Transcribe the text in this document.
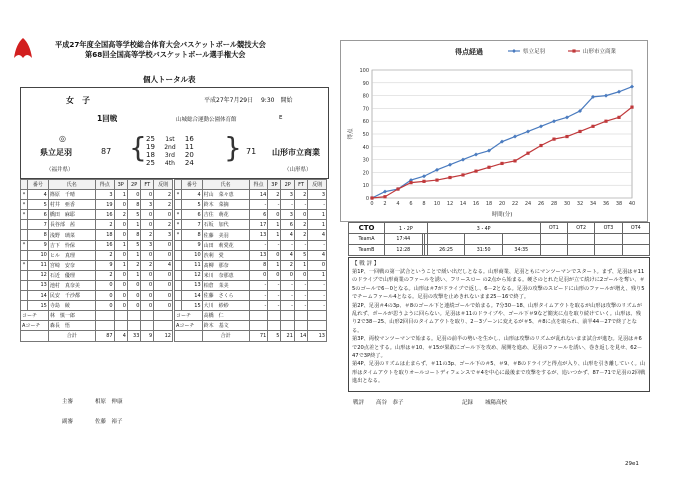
平成27年度全国高等学校総合体育大会バスケットボール競技大会
第68回全国高等学校バスケットボール選手権大会
個人トータル表
女　子	平成27年7月29日　 9:30　開始
1回戦	山城総合運動公園体育館	E
◎
県立足羽
（福井県）
87 { 25	1st	16
19	2nd	11
18	3rd	20
25	4th	24 } 71 山形市立商業
（山形県）
	番号	氏名	得点	3P	2P	FT	反則
*	4	篠原　千晴	3	1	0	0	2
*	5	村井　亜香	19	0	8	3	2
*	6	橋田　麻耶	16	2	5	0	0
	7	長谷部　茜	2	0	1	0	2
	8	浅野　璃菜	18	0	8	2	3
*	9	吉下　怜保	16	1	5	3	0
	10	ヒル　真理	2	0	1	0	0
*	11	宮崎　安奈	9	1	2	2	4
	12	石近　優理	2	0	1	0	0
	13	池村　真奈美	0	0	0	0	0
	14	民安　千沙都	0	0	0	0	0
	15	寺島　綾	0	0	0	0	0
コーチ		林　慎一郎					
Aコーチ		森長　悟					
		合計	87	4	33	9	12
	番号	氏名	得点	3P	2P	FT	反則
*	4	村山　菜々恵	14	2	3	2	3
	5	鈴木　菜摘	-	-	-	-	-
*	6	吉住　萌花	6	0	3	0	1
*	7	石坂　加代	17	1	6	2	1
*	8	佐藤　美羽	13	1	4	2	4
	9	山田　莉愛花	-	-	-	-	-
	10	渋利　愛	13	0	4	5	4
	11	髙柳　那奈	8	1	2	1	0
	12	米川　奈那恵	0	0	0	0	1
	13	柏倉　茉美	-	-	-	-	-
	14	佐藤　さくら	-	-	-	-	-
	15	大川　紗紗	-	-	-	-	-
コーチ		高橋　仁					
Aコーチ		鈴木　基文					
		合計	71	5	21	14	13
主審	相原　伸康
副審	佐藤　裕子
0
10
20
30
40
50
60
70
80
90
100
0 2 4 6 8 10 12 14 16 18 20 22 24 26 28 30 32 34 36 38 40
得点経過
時間(分)
得点
県立足羽	山形市立商業
CTO	1・2P			3・4P			OT1	OT2	OT3	OT4
TeamA	17:44									
TeamB	12:28			26:25	31:50	34:35				
【 戦 評 】
第1P、一回戦の第一試合ということで緩い出だしとなる。山形商業、足羽ともにマンツーマンでスタート。まず、足羽は＃11のドライブで山形商業のファールを誘い、フリースロー の2点から始まる。硬さのとれた足羽が立て続けに2ゴールを奪い、＃5のゴールで6－0となる。山形は＃7がドライブで返し、6－2となる。足羽の攻撃のスピードに山形のファールが増え、残り5でチームファール4となる。足羽の攻撃を止めきれないまま25－16で終了。
第2P、足羽＃4の3p、＃8のゴール下と連続ゴールで始まる。7分30－18、山形タイムアウトを取るが山形は攻撃のリズムが乱れず、ボールが思うように回らない。足羽は＃11のドライブや、ゴール下＃9など簡実に点を取り続けていく。山形は、残り2で38－25、山形2回目のタイムアウトを取り、2－3ゾーンに変えるが＃5、＃8に点を取られ、前半44－27で終了となる。
第3P、両校マンツーマンで始まる。足羽の前半の勢いを生かし、山形は攻撃のリズムが乱れないまま試合が進む。足羽は＃6で20点差とする。山形は＃10、＃15が果敢にゴール下を攻め、展開を進め、足羽のファールを誘い、巻き返しを見せ、62－47で3P終了。
第4P、足羽のリズムは止まらず、＃11の3p、ゴール下の＃5、＃9、＃8のドライブと得点が入り、山形を引き離していく。山形はタイムアウトを取りオールコートディフェンスで＃4を中心に最後まで攻撃をするが、追いつかず、87－71で足羽の2回戦進出となる。
戦評 高谷　恭子	記録 城陽高校
29e1
